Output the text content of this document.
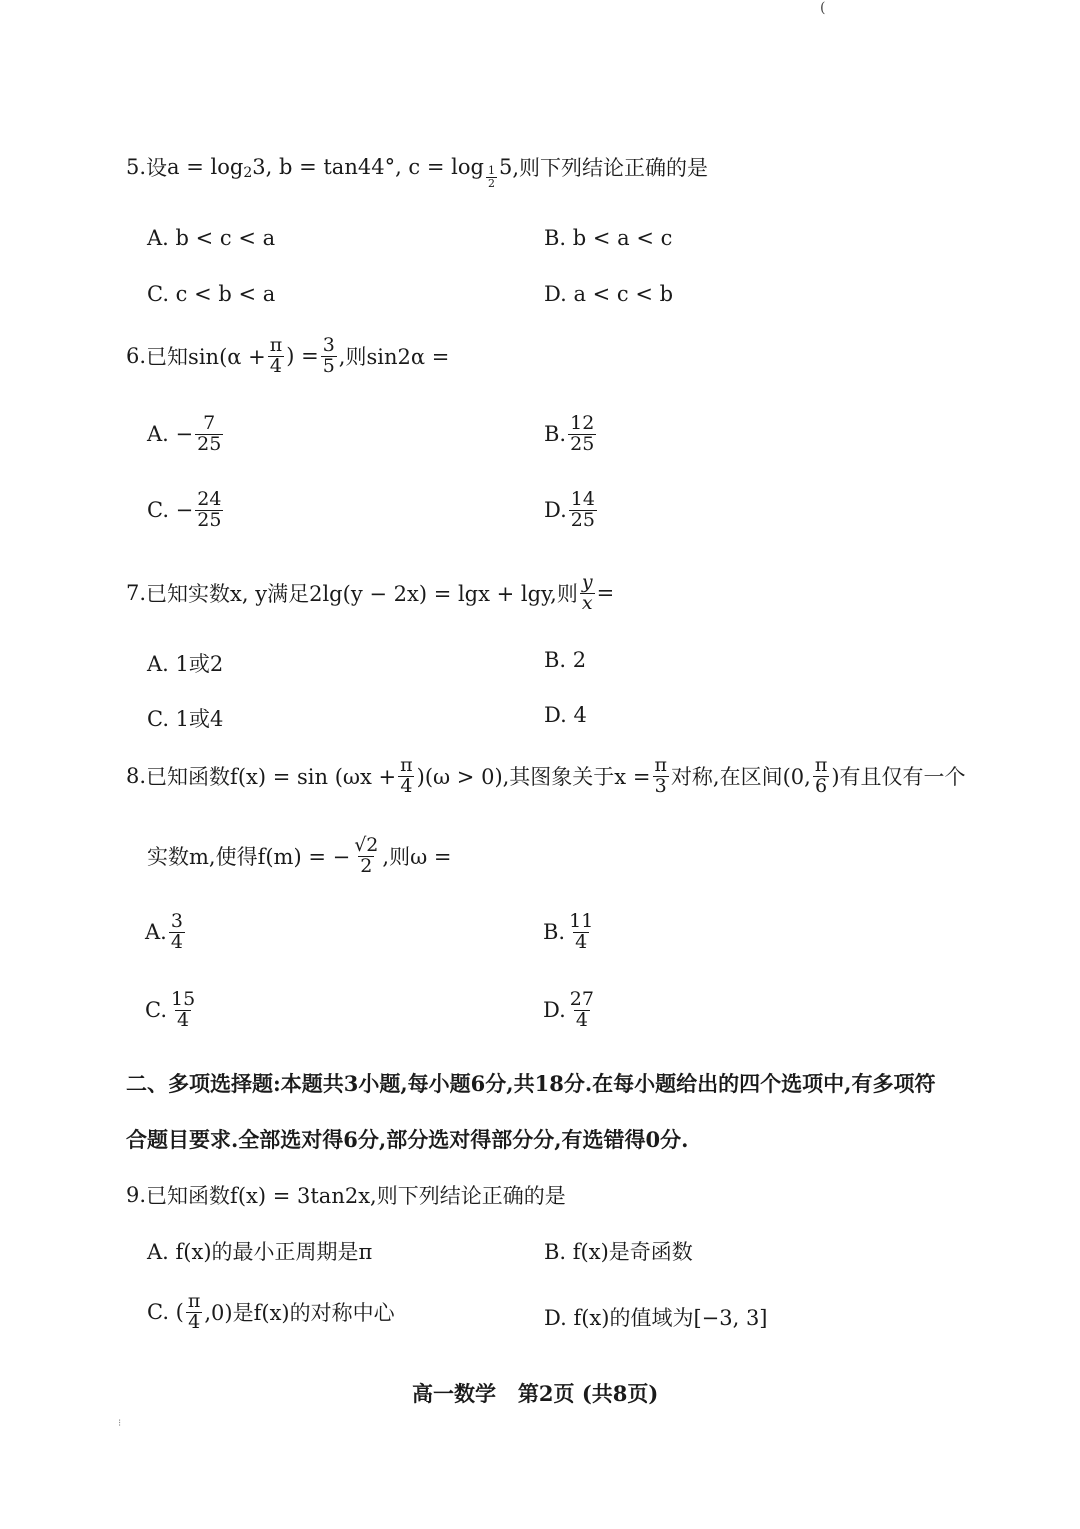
(
5. 设 a = log 2 3 , b = tan44° , $c = \log \frac{1}{2} 5$ ,则下列结论正确的是
A. b < c < a	B. b < a < c
C. c < b < a	D. a < c < b
6. 已知$\sin(\alpha + \frac{\pi}{4}$ ) = $\frac{3}{5}$ ,则sin2α =
A. − $\frac{7}{25}$	B. $\frac{12}{25}$
C. − $\frac{24}{25}$	D. $\frac{14}{25}$
7. 已知实数x, y满足2lg(y − 2x) = lgx + lgy,则 $\frac{y}{x}$ =
A. 1或2	B. 2
C. 1或4	D. 4
8. 已知函数$f(x) = \sin (\omega x + \frac{\pi}{4} )(\omega > 0)$,其图象关于$x = \frac{\pi}{3}$ 对称,在区间(0, $\frac{\pi}{6}$ )有且仅有一个
实数m,使得f(m) = − $\frac{√2}{2}$ ,则ω =
A. $\frac{3}{4}$	B. $\frac{11}{4}$
C. $\frac{15}{4}$	D. $\frac{27}{4}$
二、多项选择题:本题共3小题,每小题6分,共18分.在每小题给出的四个选项中,有多项符
合题目要求.全部选对得6分,部分选对得部分分,有选错得0分.
9. 已知函数f(x) = 3tan2x,则下列结论正确的是
A. f(x)的最小正周期是π	B. f(x)是奇函数
C. ( $\frac{\pi}{4} ,0$)是f(x)的对称中心	D. f(x)的值域为[−3, 3]
高一数学   第2页 (共8页)
⁝
